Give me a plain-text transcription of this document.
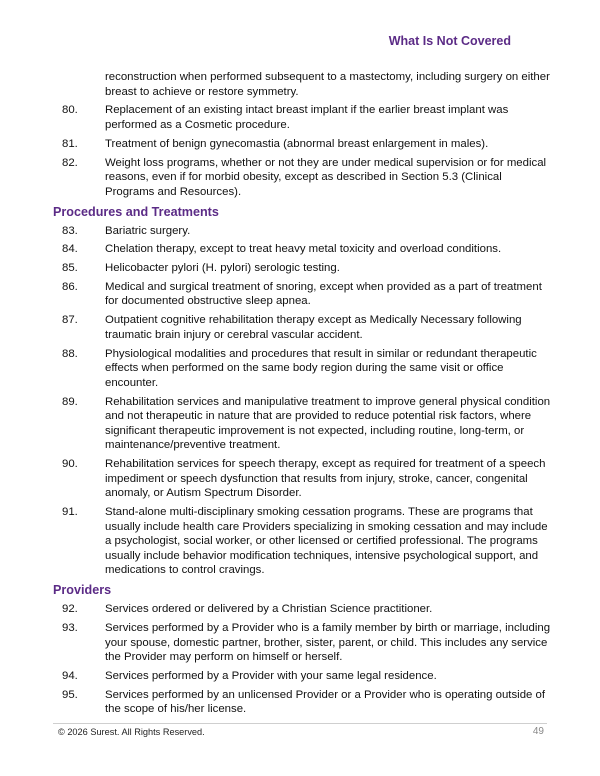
What Is Not Covered
reconstruction when performed subsequent to a mastectomy, including surgery on either breast to achieve or restore symmetry.
80.	Replacement of an existing intact breast implant if the earlier breast implant was performed as a Cosmetic procedure.
81.	Treatment of benign gynecomastia (abnormal breast enlargement in males).
82.	Weight loss programs, whether or not they are under medical supervision or for medical reasons, even if for morbid obesity, except as described in Section 5.3 (Clinical Programs and Resources).
Procedures and Treatments
83.	Bariatric surgery.
84.	Chelation therapy, except to treat heavy metal toxicity and overload conditions.
85.	Helicobacter pylori (H. pylori) serologic testing.
86.	Medical and surgical treatment of snoring, except when provided as a part of treatment for documented obstructive sleep apnea.
87.	Outpatient cognitive rehabilitation therapy except as Medically Necessary following traumatic brain injury or cerebral vascular accident.
88.	Physiological modalities and procedures that result in similar or redundant therapeutic effects when performed on the same body region during the same visit or office encounter.
89.	Rehabilitation services and manipulative treatment to improve general physical condition and not therapeutic in nature that are provided to reduce potential risk factors, where significant therapeutic improvement is not expected, including routine, long-term, or maintenance/preventive treatment.
90.	Rehabilitation services for speech therapy, except as required for treatment of a speech impediment or speech dysfunction that results from injury, stroke, cancer, congenital anomaly, or Autism Spectrum Disorder.
91.	Stand-alone multi-disciplinary smoking cessation programs. These are programs that usually include health care Providers specializing in smoking cessation and may include a psychologist, social worker, or other licensed or certified professional. The programs usually include behavior modification techniques, intensive psychological support, and medications to control cravings.
Providers
92.	Services ordered or delivered by a Christian Science practitioner.
93.	Services performed by a Provider who is a family member by birth or marriage, including your spouse, domestic partner, brother, sister, parent, or child. This includes any service the Provider may perform on himself or herself.
94.	Services performed by a Provider with your same legal residence.
95.	Services performed by an unlicensed Provider or a Provider who is operating outside of the scope of his/her license.
© 2026 Surest. All Rights Reserved.	49
